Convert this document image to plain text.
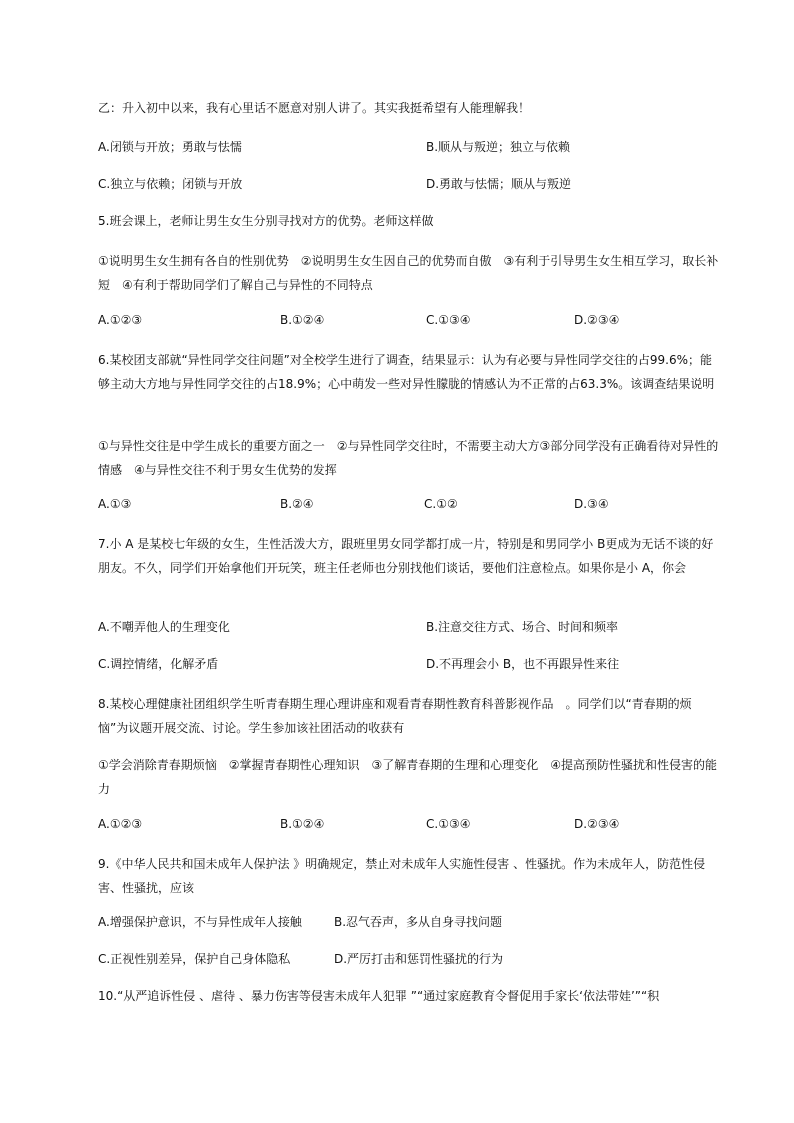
乙：升入初中以来，我有心里话不愿意对别人讲了。其实我挺希望有人能理解我！
A.闭锁与开放；勇敢与怯懦	B.顺从与叛逆；独立与依赖
C.独立与依赖；闭锁与开放	D.勇敢与怯懦；顺从与叛逆
5.班会课上，老师让男生女生分别寻找对方的优势。老师这样做
①说明男生女生拥有各自的性别优势　②说明男生女生因自己的优势而自傲　③有利于引导男生女生相互学习，取长补短　④有利于帮助同学们了解自己与异性的不同特点
A.①②③	B.①②④	C.①③④	D.②③④
6.某校团支部就“异性同学交往问题”对全校学生进行了调查，结果显示：认为有必要与异性同学交往的占99.6%；能够主动大方地与异性同学交往的占18.9%；心中萌发一些对异性朦胧的情感认为不正常的占63.3%。该调查结果说明
①与异性交往是中学生成长的重要方面之一　②与异性同学交往时，不需要主动大方③部分同学没有正确看待对异性的情感　④与异性交往不利于男女生优势的发挥
A.①③	B.②④	C.①②	D.③④
7.小 A 是某校七年级的女生，生性活泼大方，跟班里男女同学都打成一片，特别是和男同学小 B更成为无话不谈的好朋友。不久，同学们开始拿他们开玩笑，班主任老师也分别找他们谈话，要他们注意检点。如果你是小 A，你会
A.不嘲弄他人的生理变化	B.注意交往方式、场合、时间和频率
C.调控情绪，化解矛盾	D.不再理会小 B，也不再跟异性来往
8.某校心理健康社团组织学生听青春期生理心理讲座和观看青春期性教育科普影视作品　。同学们以“青春期的烦恼”为议题开展交流、讨论。学生参加该社团活动的收获有
①学会消除青春期烦恼　②掌握青春期性心理知识　③了解青春期的生理和心理变化　④提高预防性骚扰和性侵害的能力
A.①②③	B.①②④	C.①③④	D.②③④
9.《中华人民共和国未成年人保护法 》明确规定，禁止对未成年人实施性侵害 、性骚扰。作为未成年人，防范性侵害、性骚扰，应该
A.增强保护意识，不与异性成年人接触	B.忍气吞声，多从自身寻找问题
C.正视性别差异，保护自己身体隐私	D.严厉打击和惩罚性骚扰的行为
10.“从严追诉性侵 、虐待 、暴力伤害等侵害未成年人犯罪 ”“通过家庭教育令督促用手家长‘依法带娃’”“积
